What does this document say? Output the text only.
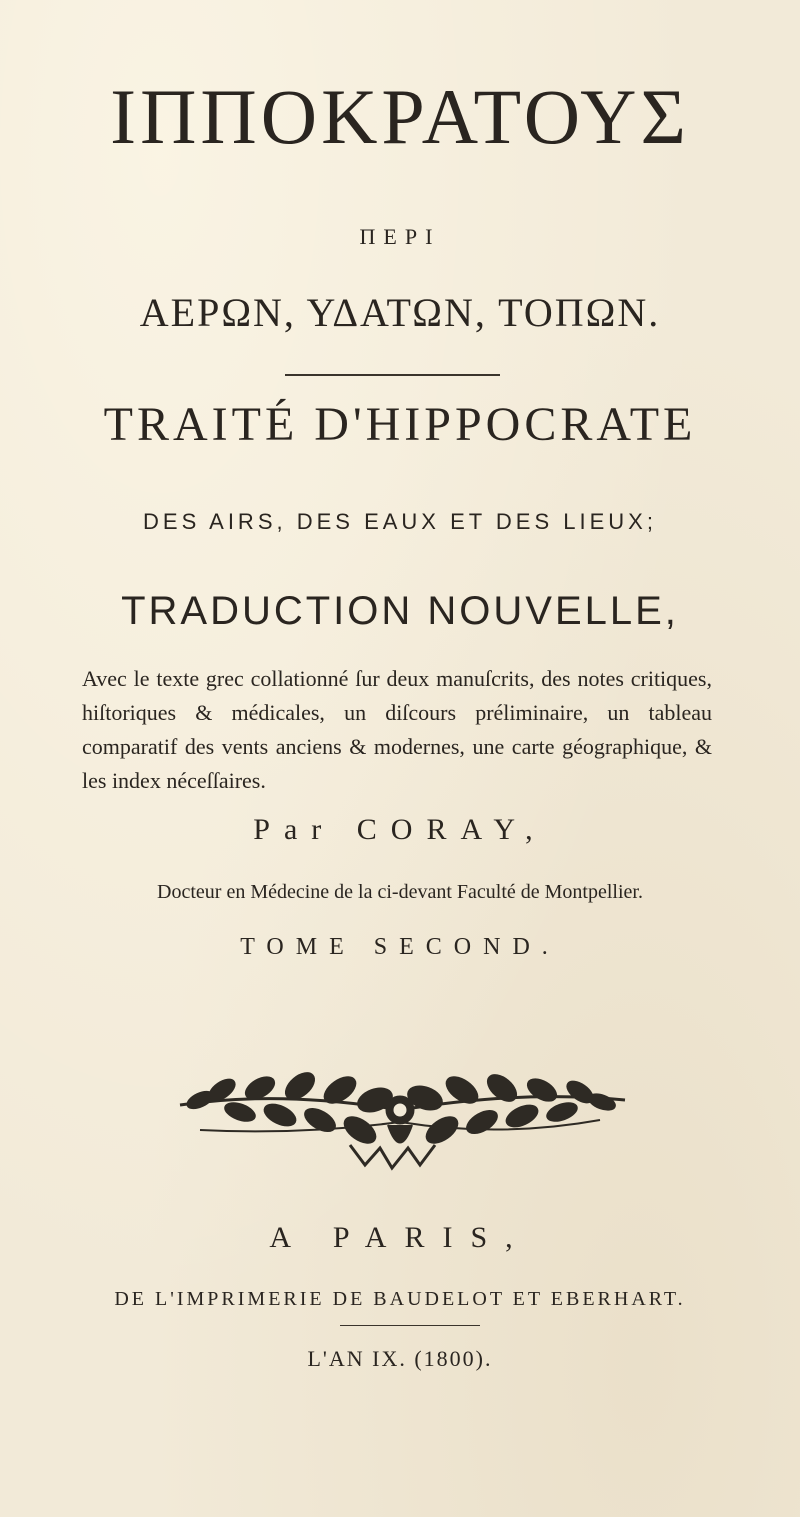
ΙΠΠΟΚΡΑΤΟΥΣ
ΠΕΡΙ
ΑΕΡΩΝ, ΥΔΑΤΩΝ, ΤΟΠΩΝ.
TRAITÉ D'HIPPOCRATE
DES AIRS, DES EAUX ET DES LIEUX;
TRADUCTION NOUVELLE,
Avec le texte grec collationné ſur deux manuſcrits, des notes critiques, hiſtoriques & médicales, un diſcours préliminaire, un tableau comparatif des vents anciens & modernes, une carte géographique, & les index néceſſaires.
Par CORAY,
Docteur en Médecine de la ci-devant Faculté de Montpellier.
TOME SECOND.
A PARIS,
DE L'IMPRIMERIE DE BAUDELOT ET EBERHART.
L'AN IX. (1800).
